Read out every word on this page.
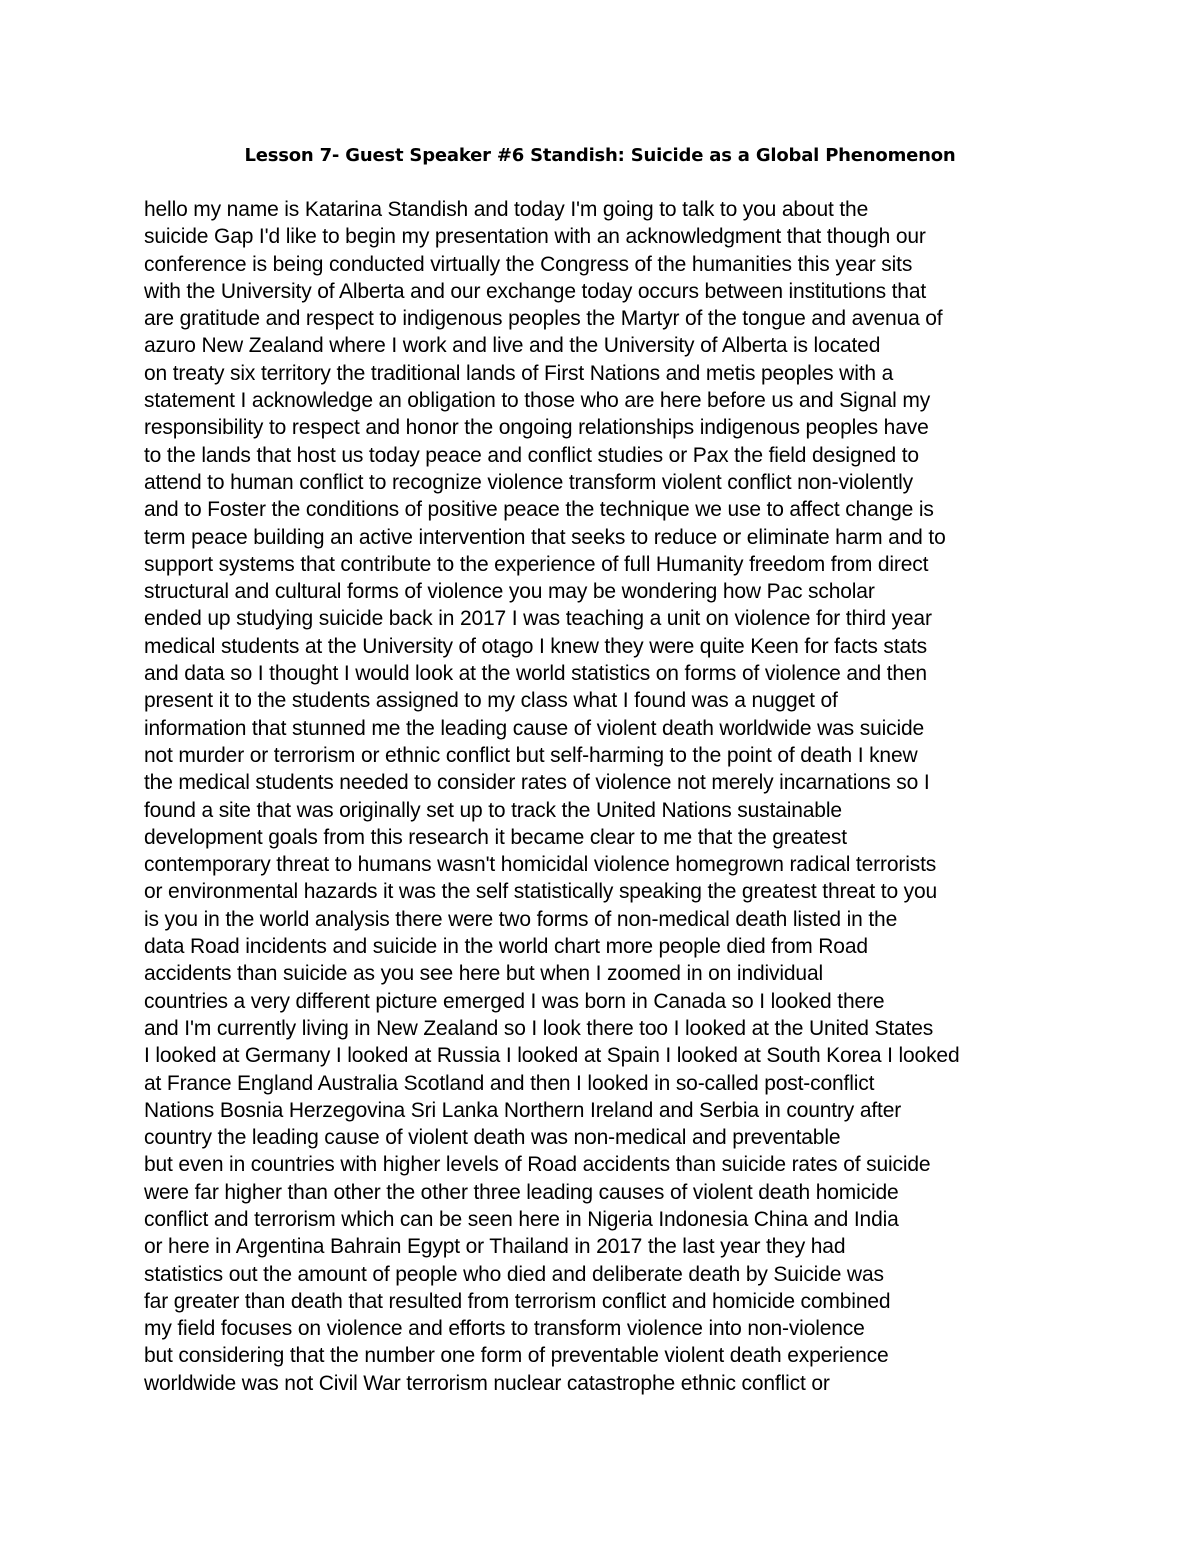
Lesson 7- Guest Speaker #6 Standish: Suicide as a Global Phenomenon
hello my name is Katarina Standish and today I'm going to talk to you about the
suicide Gap I'd like to begin my presentation with an acknowledgment that though our
conference is being conducted virtually the Congress of the humanities this year sits
with the University of Alberta and our exchange today occurs between institutions that
are gratitude and respect to indigenous peoples the Martyr of the tongue and avenua of
azuro New Zealand where I work and live and the University of Alberta is located
on treaty six territory the traditional lands of First Nations and metis peoples with a
statement I acknowledge an obligation to those who are here before us and Signal my
responsibility to respect and honor the ongoing relationships indigenous peoples have
to the lands that host us today peace and conflict studies or Pax the field designed to
attend to human conflict to recognize violence transform violent conflict non-violently
and to Foster the conditions of positive peace the technique we use to affect change is
term peace building an active intervention that seeks to reduce or eliminate harm and to
support systems that contribute to the experience of full Humanity freedom from direct
structural and cultural forms of violence you may be wondering how Pac scholar
ended up studying suicide back in 2017 I was teaching a unit on violence for third year
medical students at the University of otago I knew they were quite Keen for facts stats
and data so I thought I would look at the world statistics on forms of violence and then
present it to the students assigned to my class what I found was a nugget of
information that stunned me the leading cause of violent death worldwide was suicide
not murder or terrorism or ethnic conflict but self-harming to the point of death I knew
the medical students needed to consider rates of violence not merely incarnations so I
found a site that was originally set up to track the United Nations sustainable
development goals from this research it became clear to me that the greatest
contemporary threat to humans wasn't homicidal violence homegrown radical terrorists
or environmental hazards it was the self statistically speaking the greatest threat to you
is you in the world analysis there were two forms of non-medical death listed in the
data Road incidents and suicide in the world chart more people died from Road
accidents than suicide as you see here but when I zoomed in on individual
countries a very different picture emerged I was born in Canada so I looked there
and I'm currently living in New Zealand so I look there too I looked at the United States
I looked at Germany I looked at Russia I looked at Spain I looked at South Korea I looked
at France England Australia Scotland and then I looked in so-called post-conflict
Nations Bosnia Herzegovina Sri Lanka Northern Ireland and Serbia in country after
country the leading cause of violent death was non-medical and preventable
but even in countries with higher levels of Road accidents than suicide rates of suicide
were far higher than other the other three leading causes of violent death homicide
conflict and terrorism which can be seen here in Nigeria Indonesia China and India
or here in Argentina Bahrain Egypt or Thailand in 2017 the last year they had
statistics out the amount of people who died and deliberate death by Suicide was
far greater than death that resulted from terrorism conflict and homicide combined
my field focuses on violence and efforts to transform violence into non-violence
but considering that the number one form of preventable violent death experience
worldwide was not Civil War terrorism nuclear catastrophe ethnic conflict or
